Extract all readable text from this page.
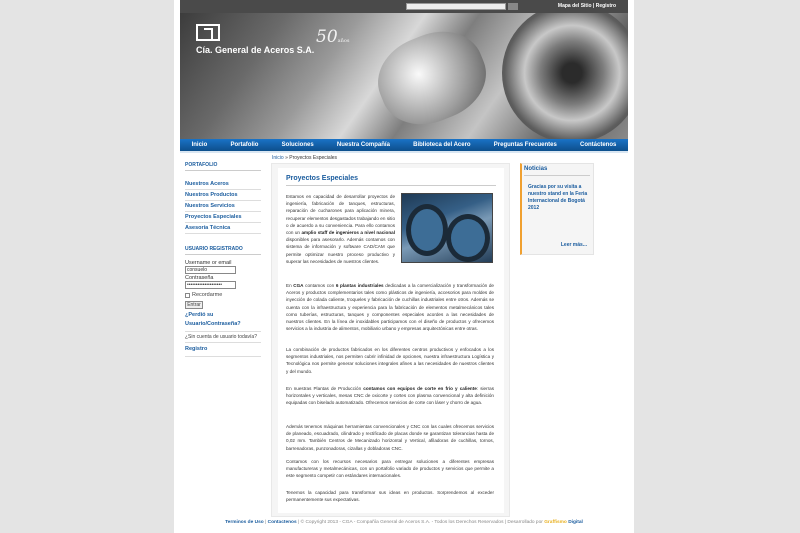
Mapa del Sitio | Registro
Cía. General de Aceros S.A.
50años
Inicio	Portafolio	Soluciones	Nuestra Compañía	Biblioteca del Acero	Preguntas Frecuentes	Contáctenos
PORTAFOLIO
Nuestros Aceros
Nuestros Productos
Nuestros Servicios
Proyectos Especiales
Asesoría Técnica
USUARIO REGISTRADO
Username or email
consuelo
Contraseña
••••••••••••••••••••
Recordarme
Entrar
¿Perdió su Usuario/Contraseña?
¿Sin cuenta de usuario todavía?
Registro
Inicio » Proyectos Especiales
Proyectos Especiales
Estamos en capacidad de desarrollar proyectos de ingeniería, fabricación de tanques, estructuras, reparación de cucharones para aplicación minera, recuperar elementos desgastados trabajando en sitio o de acuerdo a su conveniencia. Para ello contamos con un amplio staff de ingenieros a nivel nacional disponibles para asesorarlo. Además contamos con sistema de información y software CAD/CAM que permite optimizar nuestro proceso productivo y superar las necesidades de nuestros clientes.
En CGA contamos con 6 plantas industriales dedicadas a la comercialización y transformación de Aceros y productos complementarios tales como plásticos de ingeniería, accesorios para moldes de inyección de colada caliente, troqueles y fabricación de cuchillas industriales entre otros. Además se cuenta con la infraestructura y experiencia para la fabricación de elementos metalmecánicos tales como tuberías, estructuras, tanques y componentes especiales acordes a las necesidades de nuestros clientes. En la línea de inoxidables participamos con el diseño de productos y ofrecemos servicios a la industria de alimentos, mobiliario urbano y empresas arquitectónicas entre otras.
La combinación de productos fabricados en los diferentes centros productivos y enfocados a los segmentos industriales, nos permiten cubrir infinidad de opciones, nuestra infraestructura Logística y Tecnológica nos permite generar soluciones integrales afines a las necesidades de nuestros clientes y del mundo.
En nuestras Plantas de Producción contamos con equipos de corte en frío y caliente: sierras horizontales y verticales, mesas CNC de oxicorte y cortes con plasma convencional y alta definición equipadas con biselado automatizado. Ofrecemos servicios de corte con láser y chorro de agua.
Además tenemos máquinas herramientas convencionales y CNC con las cuales ofrecemos servicios de planeado, escuadrado, cilindrado y rectificado de placas donde se garantizan tolerancias hasta de 0,02 mm. También Centros de Mecanizado horizontal y Vertical, afiladoras de cuchillas, tornos, barrenadoras, punzonadoras, cizallas y dobladoras CNC.
Contamos con los recursos necesarios para entregar soluciones a diferentes empresas manufactureras y metalmecánicas, con un portafolio variado de productos y servicios que permite a este segmento competir con estándares internacionales.
Tenemos la capacidad para transformar sus ideas en productos. Sorprendemos al exceder permanentemente sus expectativas.
Noticias
Gracias por su visita a nuestro stand en la Feria Internacional de Bogotá 2012
Leer más...
Terminos de Uso | Contactenos | © Copyright 2013 - CGA - Compañía General de Aceros S.A. - Todos los Derechos Reservados | Desarrollado por Graffismo Digital
